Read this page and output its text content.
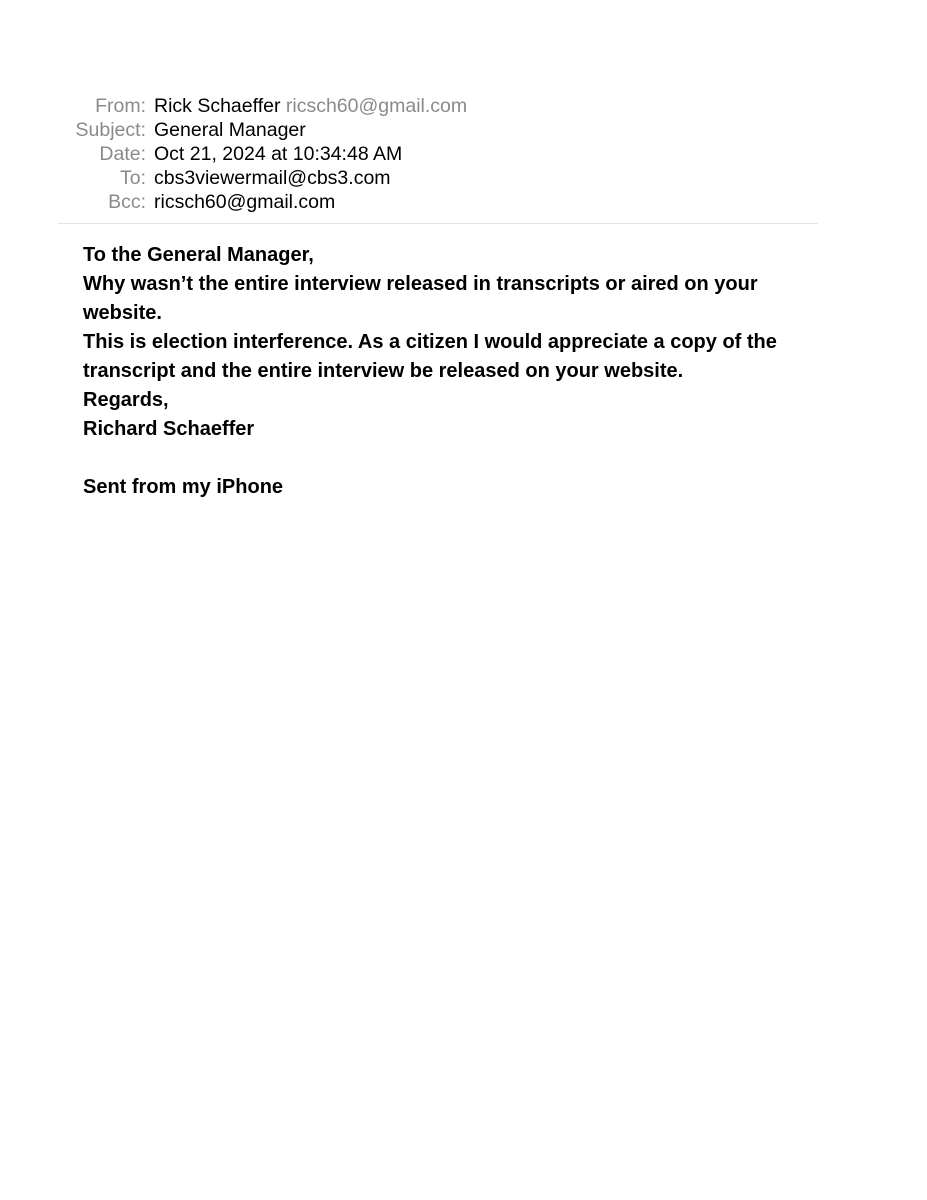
From: Rick Schaeffer ricsch60@gmail.com
Subject: General Manager
Date: Oct 21, 2024 at 10:34:48 AM
To: cbs3viewermail@cbs3.com
Bcc: ricsch60@gmail.com

To the General Manager,

Why wasn’t the entire interview released in transcripts or aired on your website.

This is election interference. As a citizen I would appreciate a copy of the transcript and the entire interview be released on your website.

Regards,

Richard Schaeffer

Sent from my iPhone
